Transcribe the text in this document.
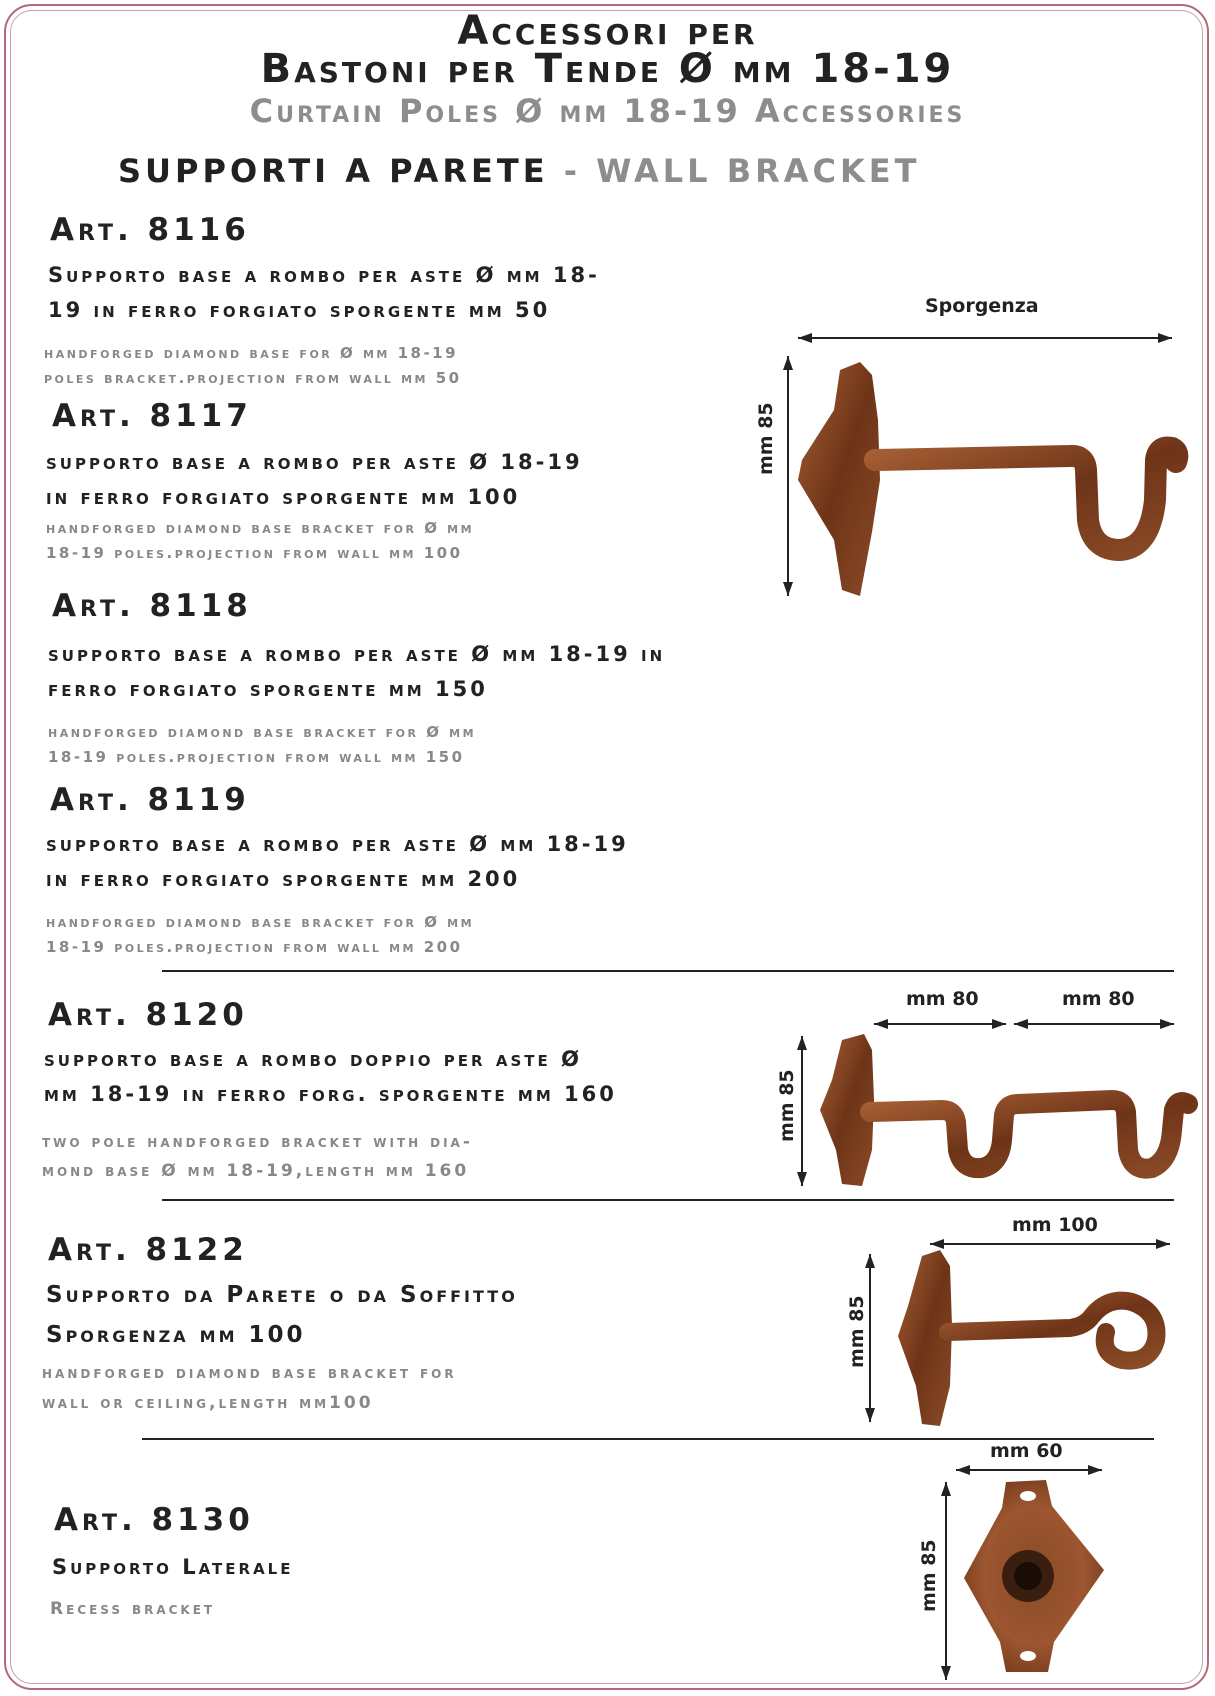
Accessori per
Bastoni per Tende Ø mm 18-19
Curtain Poles Ø mm 18-19 Accessories
SUPPORTI A PARETE - WALL BRACKET
Art. 8116
Supporto base a rombo per aste Ø mm 18-
19 in ferro forgiato sporgente mm 50
handforged diamond base for Ø mm 18-19
poles bracket.projection from wall mm 50
Art. 8117
supporto base a rombo per aste Ø 18-19
in ferro forgiato sporgente mm 100
handforged diamond base bracket for Ø mm
18-19 poles.projection from wall mm 100
Art. 8118
supporto base a rombo per aste Ø mm 18-19 in
ferro forgiato sporgente mm 150
handforged diamond base bracket for Ø mm
18-19 poles.projection from wall mm 150
Art. 8119
supporto base a rombo per aste Ø mm 18-19
in ferro forgiato sporgente mm 200
handforged diamond base bracket for Ø mm
18-19 poles.projection from wall mm 200
Art. 8120
supporto base a rombo doppio per aste Ø
mm 18-19 in ferro forg. sporgente mm 160
two pole handforged bracket with dia-
mond base Ø mm 18-19,length mm 160
Art. 8122
Supporto da Parete o da Soffitto
Sporgenza mm 100
handforged diamond base bracket for
wall or ceiling,length mm100
Art. 8130
Supporto Laterale
Recess bracket
Sporgenza
mm 85
mm 80	mm 80
mm 85
mm 100
mm 85
mm 60
mm 85
